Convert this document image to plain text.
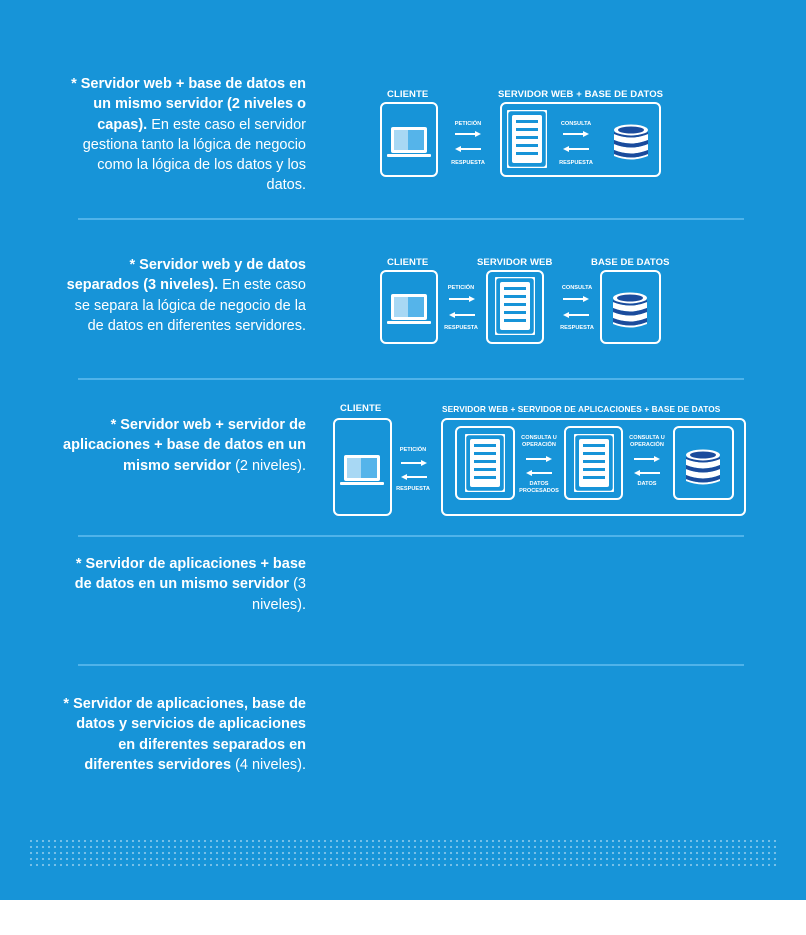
* Servidor web + base de datos en un mismo servidor (2 niveles o capas). En este caso el servidor gestiona tanto la lógica de negocio como la lógica de los datos y los datos.
* Servidor web y de datos separados (3 niveles). En este caso se separa la lógica de negocio de la de datos en diferentes servidores.
* Servidor web + servidor de aplicaciones + base de datos en un mismo servidor (2 niveles).
* Servidor de aplicaciones + base de datos en un mismo servidor (3 niveles).
* Servidor de aplicaciones, base de datos y servicios de aplicaciones en diferentes separados en diferentes servidores (4 niveles).
CLIENTE	SERVIDOR WEB + BASE DE DATOS
PETICIÓN
RESPUESTA
CONSULTA
RESPUESTA
CLIENTE	SERVIDOR WEB	BASE DE DATOS
PETICIÓN
RESPUESTA
CONSULTA
RESPUESTA
CLIENTE	SERVIDOR WEB + SERVIDOR DE APLICACIONES + BASE DE DATOS
PETICIÓN
RESPUESTA
CONSULTA U
OPERACIÓN
DATOS
PROCESADOS
CONSULTA U
OPERACIÓN
DATOS
